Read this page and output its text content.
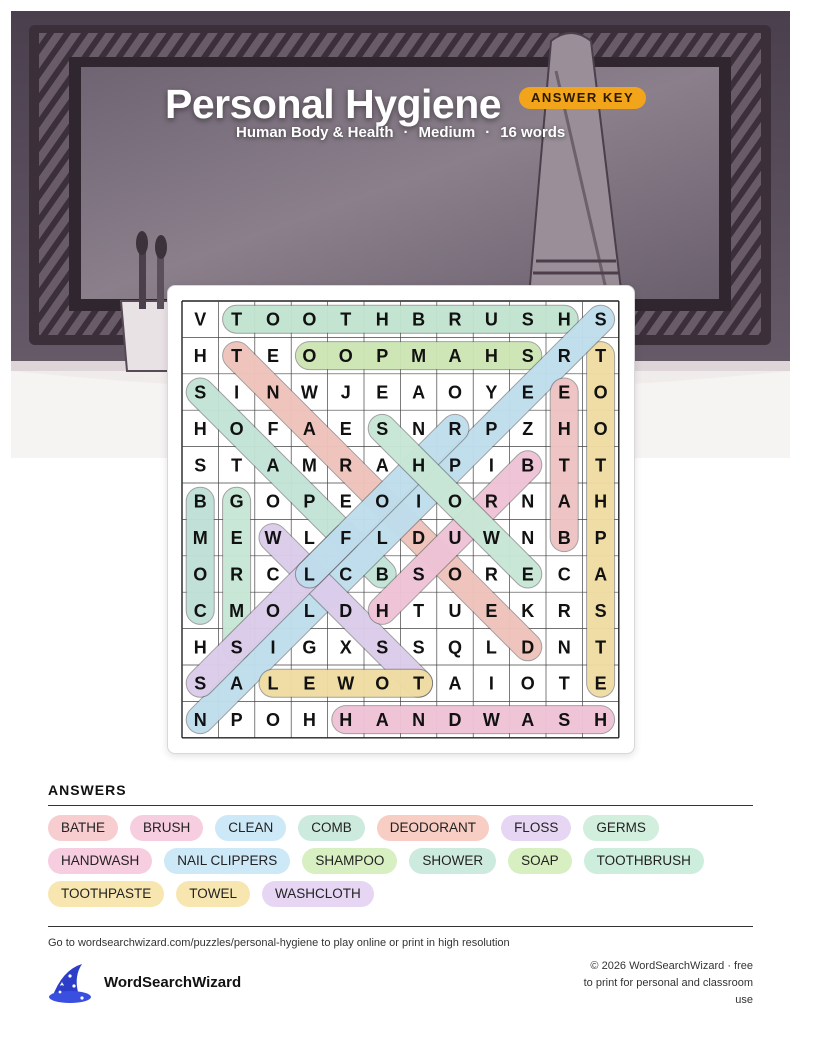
Personal Hygiene	ANSWER KEY
Human Body & Health · Medium · 16 words
V T O O T H B R U S H S
H T E O O P M A H S R T
S I N W J E A O Y E E O
H O F A E S N R P Z H O
S T A M R A H P I B T T
B G O P E O I O R N A H
M E W L F L D U W N B P
O R C L C B S O R E C A
C M O L D H T U E K R S
H S I G X S S Q L D N T
S A L E W O T A I O T E
N P O H H A N D W A S H
ANSWERS
BATHE	BRUSH	CLEAN	COMB	DEODORANT	FLOSS	GERMS
HANDWASH	NAIL CLIPPERS	SHAMPOO	SHOWER	SOAP	TOOTHBRUSH
TOOTHPASTE	TOWEL	WASHCLOTH
Go to wordsearchwizard.com/puzzles/personal-hygiene to play online or print in high resolution
WordSearchWizard
© 2026 WordSearchWizard · free to print for personal and classroom use
